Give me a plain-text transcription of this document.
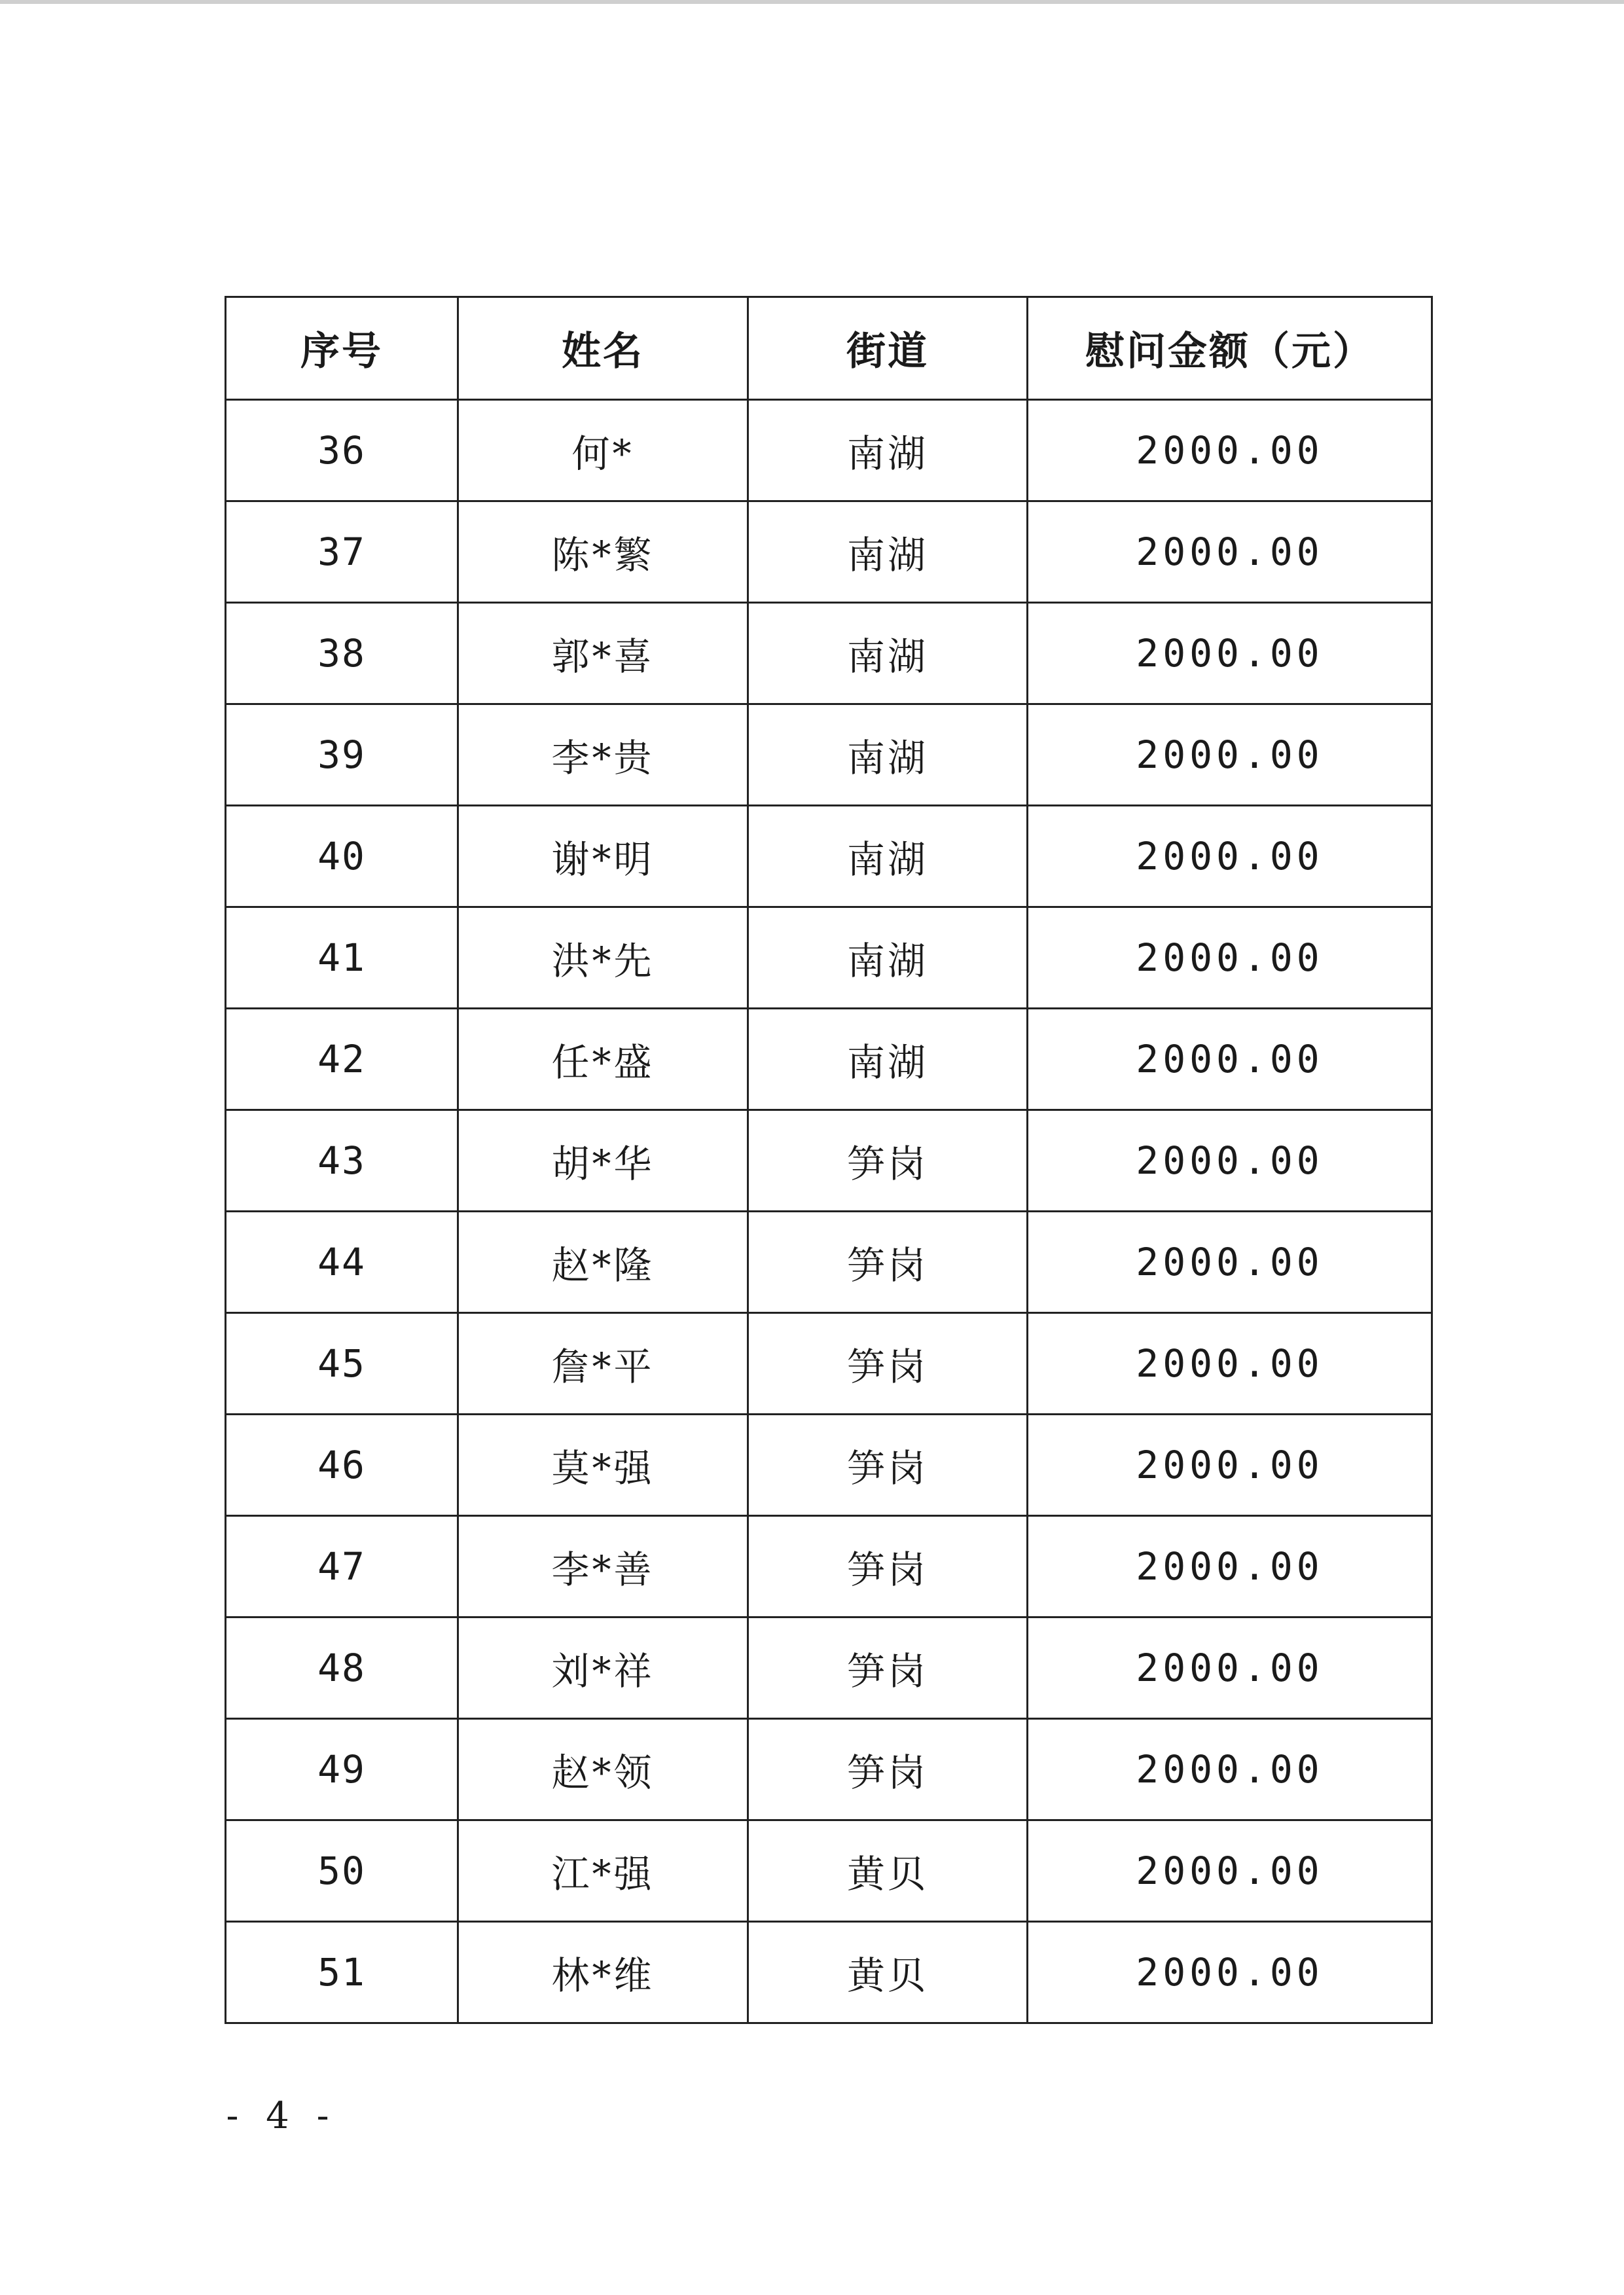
序号	姓名	街道	慰问金额（元）
36	何*	南湖	2000.00
37	陈*繁	南湖	2000.00
38	郭*喜	南湖	2000.00
39	李*贵	南湖	2000.00
40	谢*明	南湖	2000.00
41	洪*先	南湖	2000.00
42	任*盛	南湖	2000.00
43	胡*华	笋岗	2000.00
44	赵*隆	笋岗	2000.00
45	詹*平	笋岗	2000.00
46	莫*强	笋岗	2000.00
47	李*善	笋岗	2000.00
48	刘*祥	笋岗	2000.00
49	赵*领	笋岗	2000.00
50	江*强	黄贝	2000.00
51	林*维	黄贝	2000.00
- 4 -
